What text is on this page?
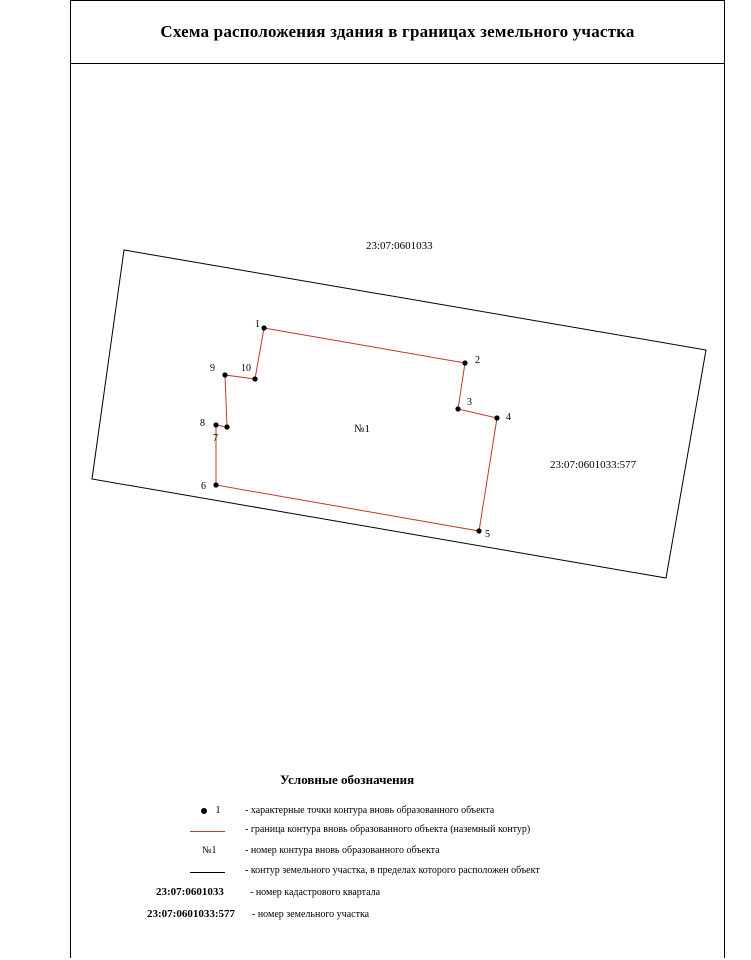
Схема расположения здания в границах земельного участка
1
2
3
4
5
6
7
8
9	10
23:07:0601033
23:07:0601033:577
№1
Условные обозначения
1 - характерные точки контура вновь образованного объекта
- граница контура вновь образованного объекта (наземный контур)
№1	- номер контура вновь образованного объекта
- контур земельного участка, в пределах которого расположен объект
23:07:0601033	- номер кадастрового квартала
23:07:0601033:577 - номер земельного участка
